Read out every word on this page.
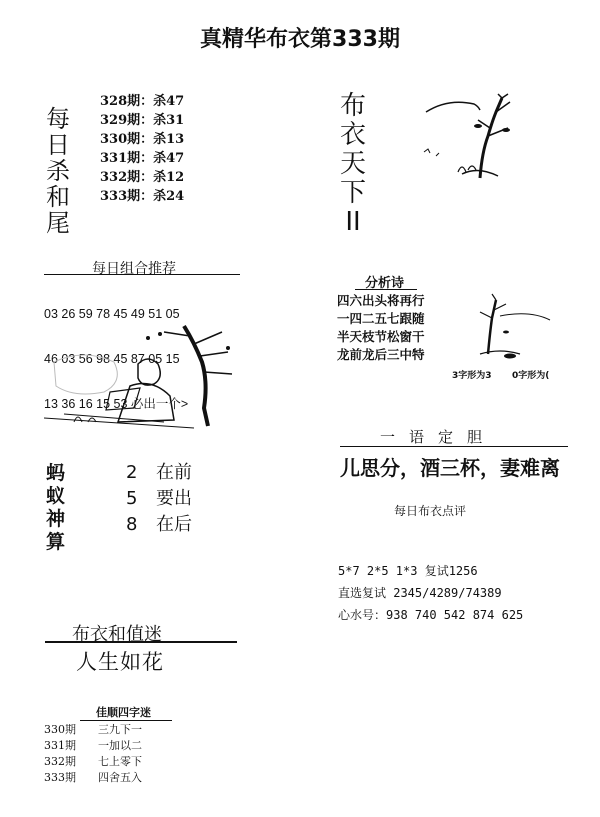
真精华布衣第333期
每
日
杀
和
尾
328期：杀47
329期：杀31
330期：杀13
331期：杀47
332期：杀12
333期：杀24
布
衣
天
下
II
每日组合推荐

03 26 59 78 45 49 51 05

46 03 56 98 45 87 05 15

13 36 16 15 53 必出一个>

分析诗
四六出头将再行
一四二五七跟随
半天枝节松窗干
龙前龙后三中特
3字形为3 0字形为(
一语定胆
儿思分，酒三杯，妻难离
每日布衣点评
5*7 2*5 1*3 复试1256
直选复试 2345/4289/74389
心水号：938 740 542 874 625
蚂
蚁
神
算
2 在前
5 要出
8 在后
布衣和值迷
人生如花
佳顺四字迷
330期 三九下一
331期 一加以二
332期 七上零下
333期 四舍五入
